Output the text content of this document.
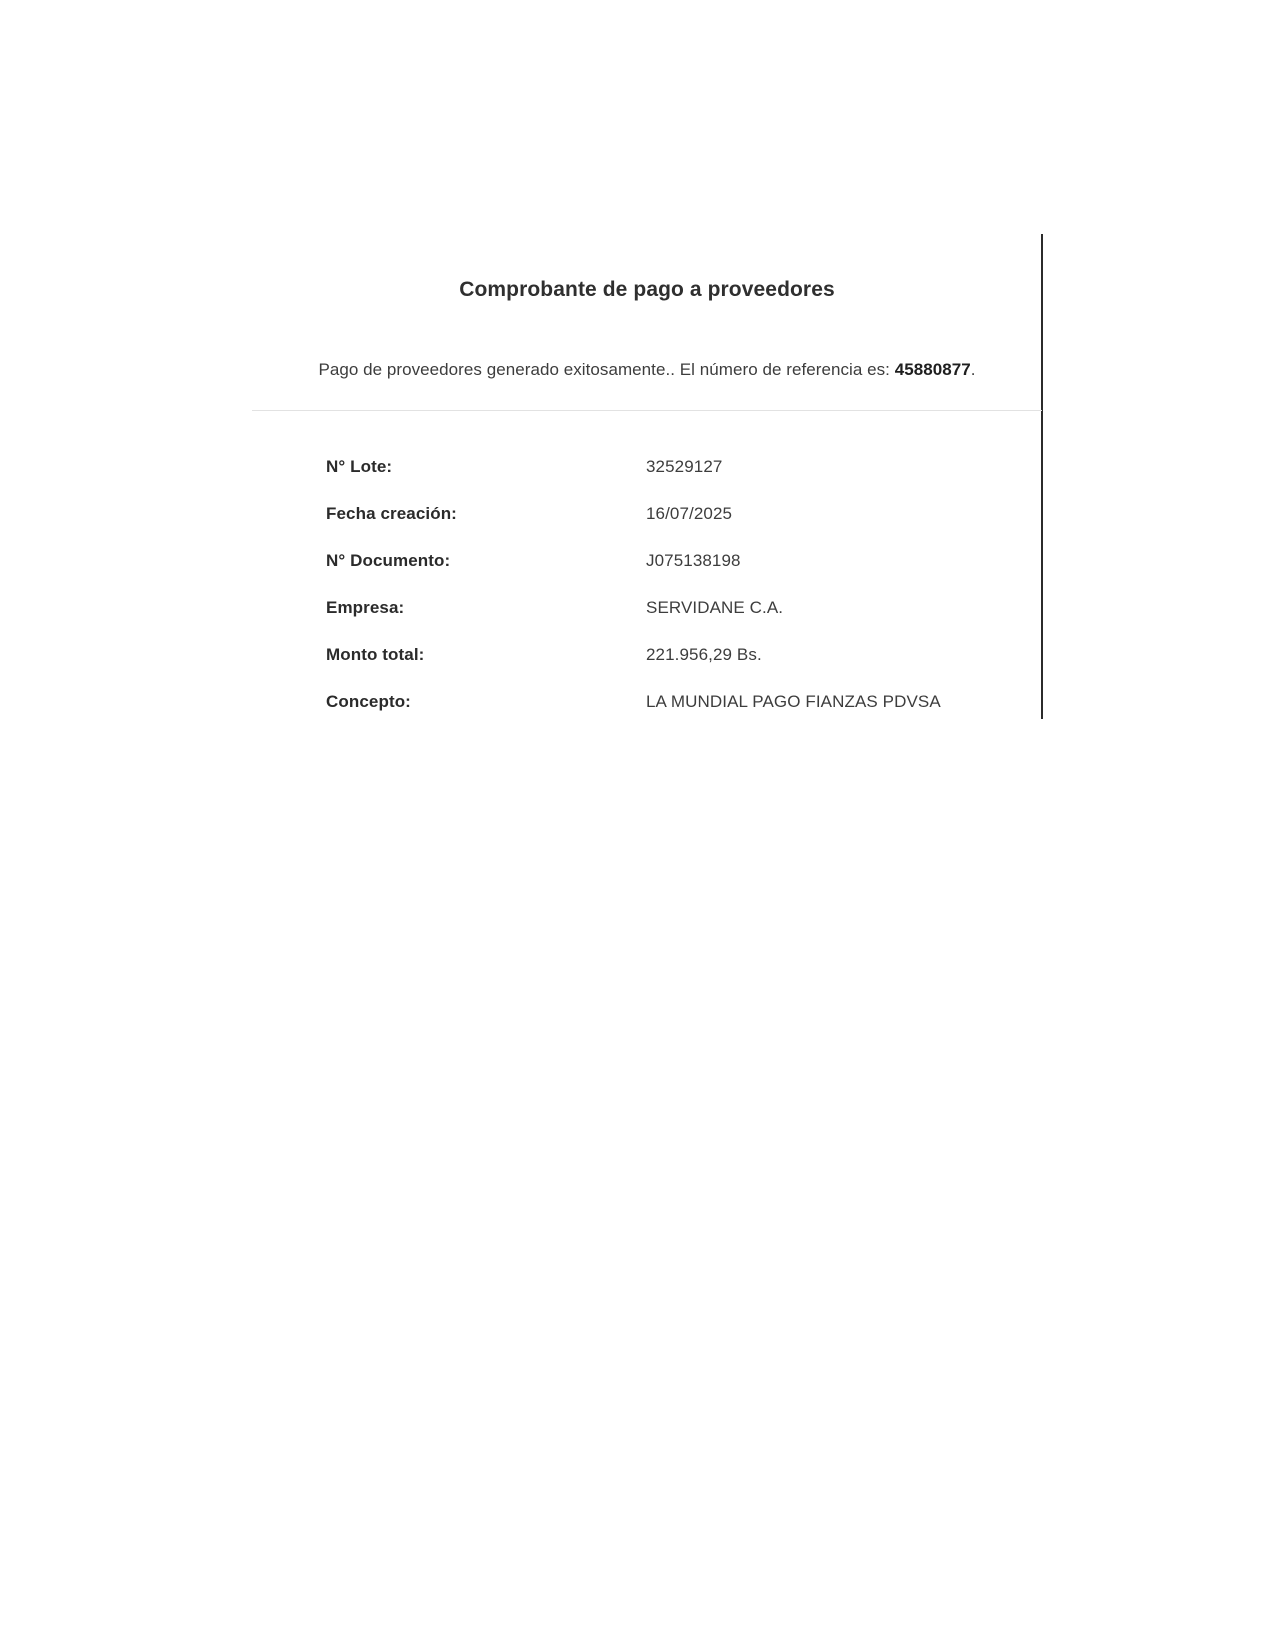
Comprobante de pago a proveedores

Pago de proveedores generado exitosamente.. El número de referencia es: 45880877.

N° Lote:	32529127
Fecha creación:	16/07/2025
N° Documento:	J075138198
Empresa:	SERVIDANE C.A.
Monto total:	221.956,29 Bs.
Concepto:	LA MUNDIAL PAGO FIANZAS PDVSA
